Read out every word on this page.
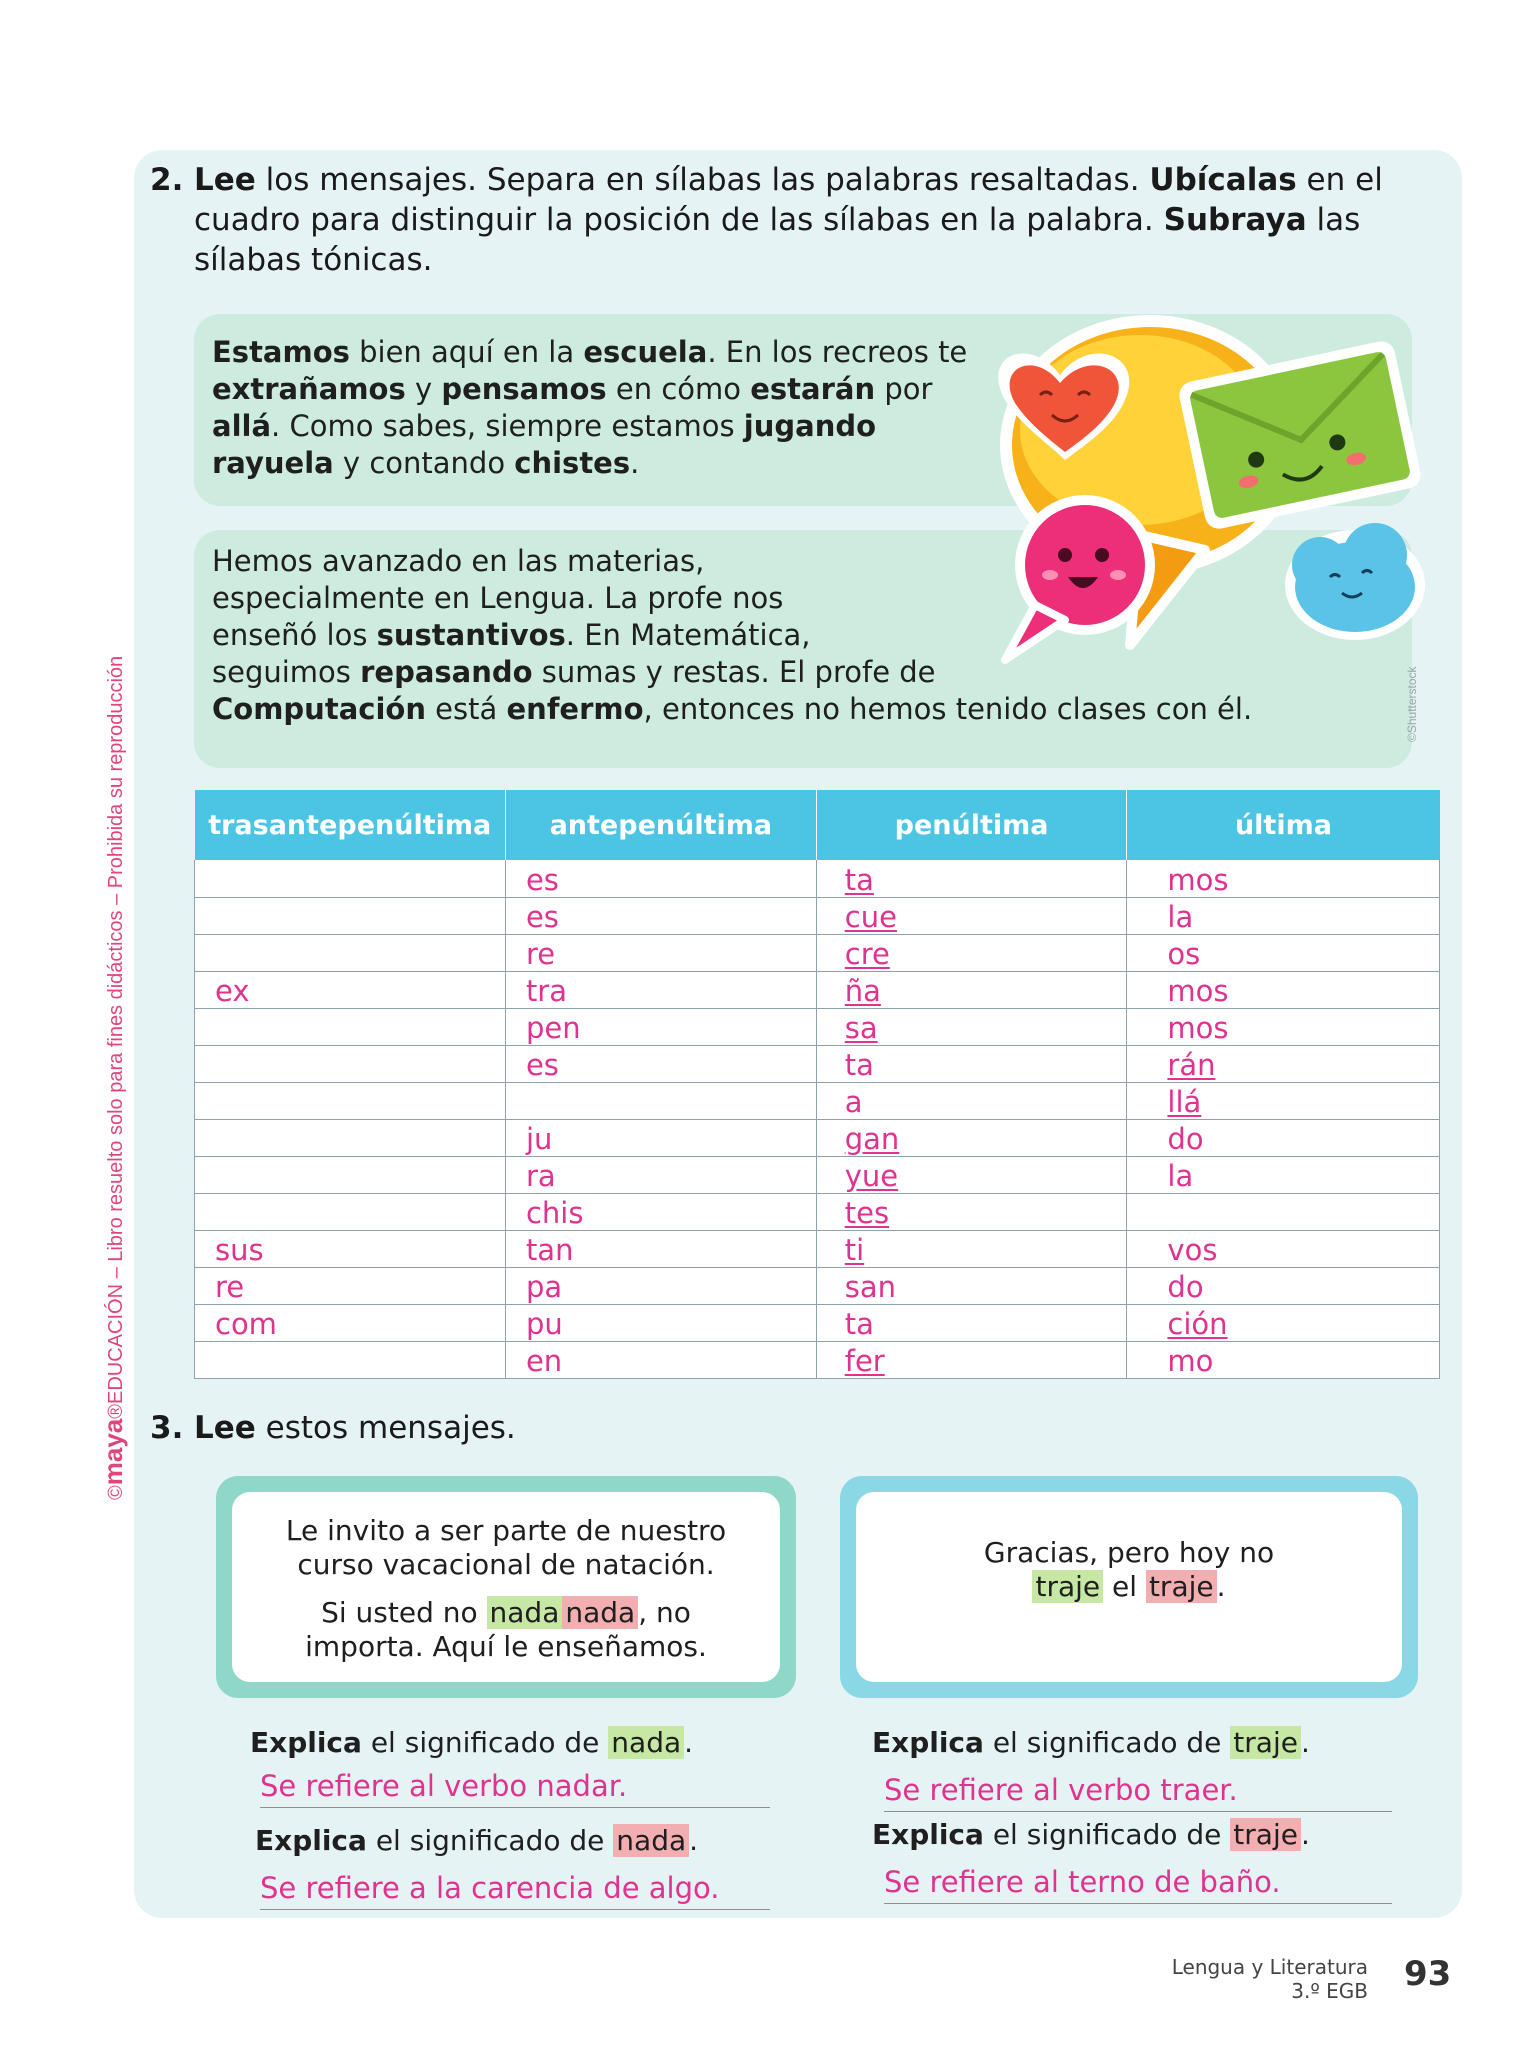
©maya®EDUCACIÓN – Libro resuelto solo para fines didácticos – Prohibida su reproducción
2. Lee los mensajes. Separa en sílabas las palabras resaltadas. Ubícalas en el cuadro para distinguir la posición de las sílabas en la palabra. Subraya las sílabas tónicas.
Estamos bien aquí en la escuela. En los recreos te
extrañamos y pensamos en cómo estarán por
allá. Como sabes, siempre estamos jugando
rayuela y contando chistes.
Hemos avanzado en las materias,
especialmente en Lengua. La profe nos
enseñó los sustantivos. En Matemática,
seguimos repasando sumas y restas. El profe de
Computación está enfermo, entonces no hemos tenido clases con él.	©Shutterstock
trasantepenúltima	antepenúltima	penúltima	última
	es	ta	mos
	es	cue	la
	re	cre	os
ex	tra	ña	mos
	pen	sa	mos
	es	ta	rán
		a	llá
	ju	gan	do
	ra	yue	la
	chis	tes	
sus	tan	ti	vos
re	pa	san	do
com	pu	ta	ción
	en	fer	mo
3. Lee estos mensajes.
Le invito a ser parte de nuestro
curso vacacional de natación.
Si usted no nada nada , no
importa. Aquí le enseñamos.
Gracias, pero hoy no
traje el traje .
Explica el significado de nada .
Se refiere al verbo nadar.
Explica el significado de nada .
Se refiere a la carencia de algo.
Explica el significado de traje .
Se refiere al verbo traer.
Explica el significado de traje .
Se refiere al terno de baño.
Lengua y Literatura
3.º EGB 93
